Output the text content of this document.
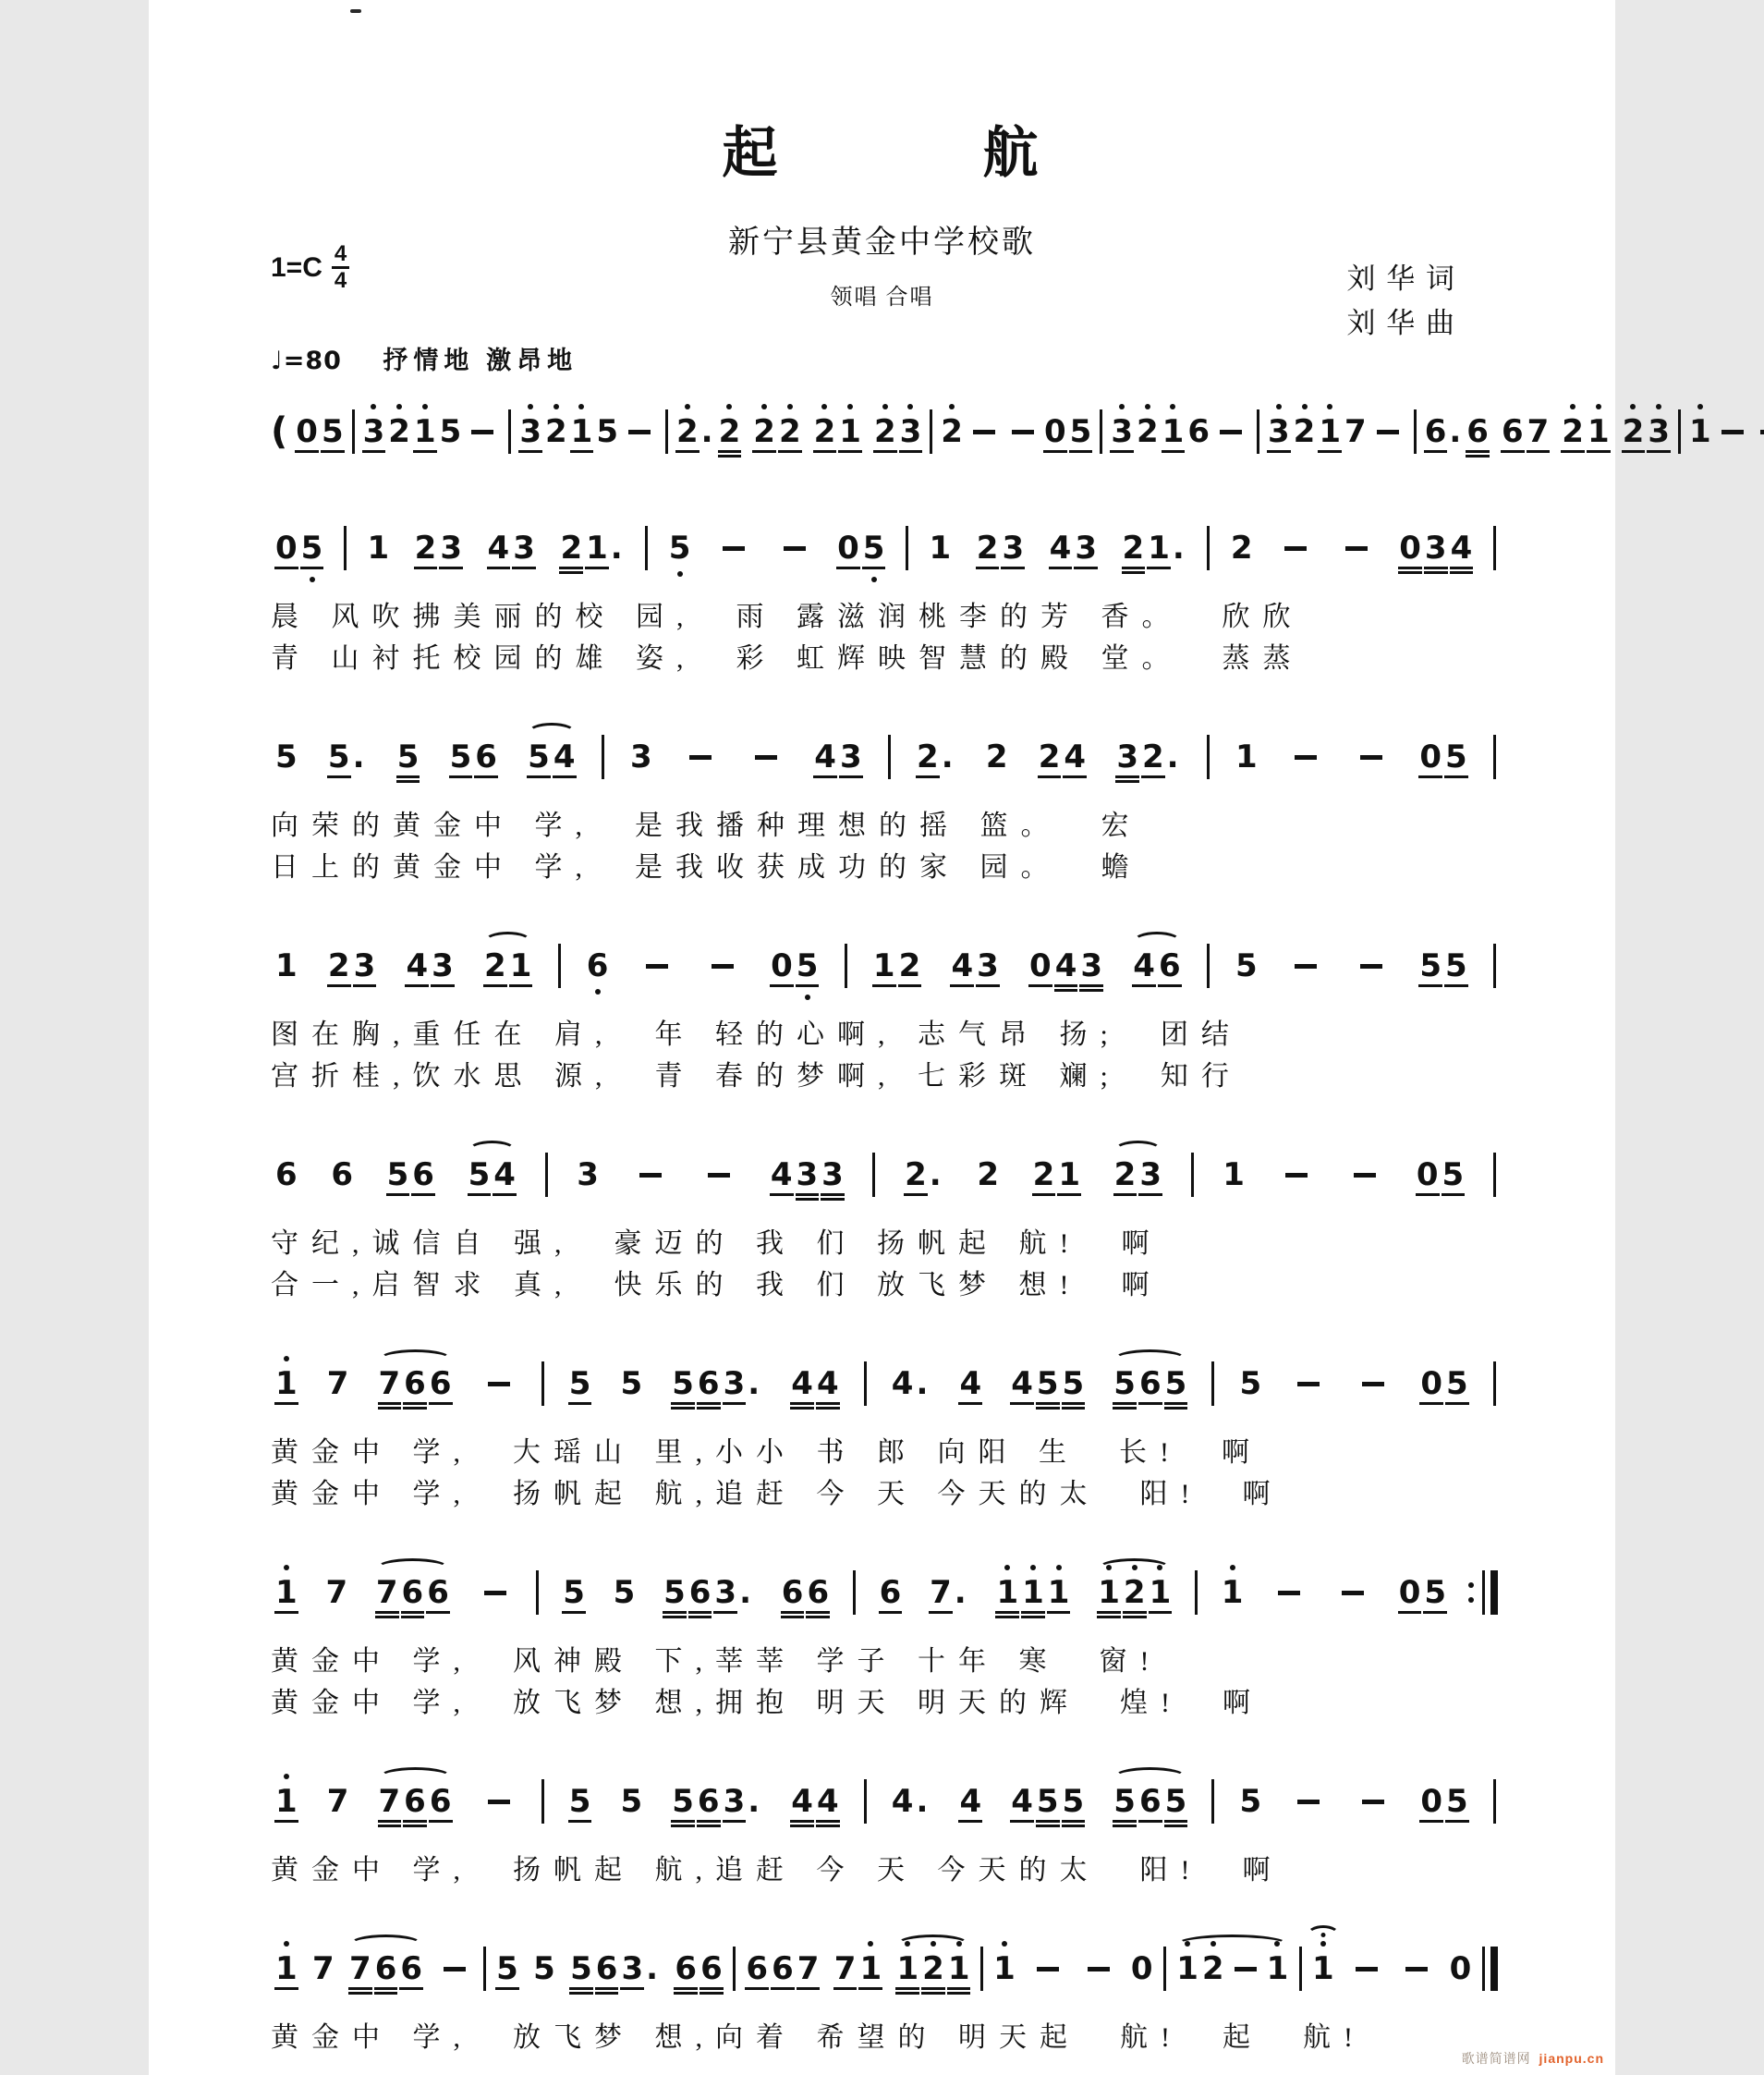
起	航
新宁县黄金中学校歌
领唱 合唱
$1=C \frac{4}{4}$	刘 华 词
刘 华 曲
♩=80 抒情地 激昂地
( 0 5 3 2 1 5 3 2 1 5 2 . 2 2 2 2 1 2 3 2	0 5 3 2 1 6 3 2 1 7 6 . 6 6 7 2 1 2 3 1
0 5 1 2 3 4 3 2 1 . 5	0 5 1 2 3 4 3 2 1 . 2	0 3 4
晨 风吹拂美丽的校 园,  雨 露滋润桃李的芳 香。  欣欣
青 山衬托校园的雄 姿,  彩 虹辉映智慧的殿 堂。  蒸蒸
5 5 . 5 5 6 5 4 3	4 3 2 . 2 2 4 3 2 . 1	0 5
向荣的黄金中 学,  是我播种理想的摇 篮。  宏
日上的黄金中 学,  是我收获成功的家 园。  蟾
1 2 3 4 3 2 1 6	0 5 1 2 4 3 0 4 3 4 6 5	5 5
图在胸,重任在 肩,  年 轻的心啊, 志气昂 扬;  团结
宫折桂,饮水思 源,  青 春的梦啊, 七彩斑 斓;  知行
6 6 5 6 5 4 3	4 3 3 2 . 2 2 1 2 3 1	0 5
守纪,诚信自 强,  豪迈的 我 们 扬帆起 航!  啊
合一,启智求 真,  快乐的 我 们 放飞梦 想!  啊
1 7 7 6 6	5 5 5 6 3 . 4 4 4 . 4 4 5 5 5 6 5 5	0 5
黄金中 学,  大瑶山 里,小小 书 郎 向阳 生  长!  啊
黄金中 学,  扬帆起 航,追赶 今 天 今天的太  阳!  啊
1 7 7 6 6	5 5 5 6 3 . 6 6 6 7 . 1 1 1 1 2 1 1	0 5
黄金中 学,  风神殿 下,莘莘 学子 十年 寒  窗!
黄金中 学,  放飞梦 想,拥抱 明天 明天的辉  煌!  啊
1 7 7 6 6	5 5 5 6 3 . 4 4 4 . 4 4 5 5 5 6 5 5	0 5
黄金中 学,  扬帆起 航,追赶 今 天 今天的太  阳!  啊
1 7 7 6 6 5 5 5 6 3 . 6 6 6 6 7 7 1 1 2 1 1	0 1 2 1 1	0
黄金中 学,  放飞梦 想,向着 希望的 明天起  航!  起  航!
歌谱简谱网 jianpu.cn
